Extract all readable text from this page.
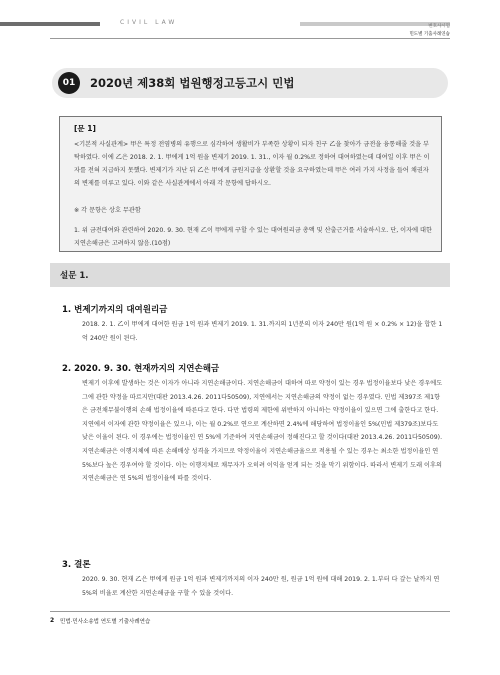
CIVIL LAW
변호사시험
민도별 기출사례연습
01	2020년 제38회 법원행정고등고시 민법
[문 1]
<기본적 사실관계> 甲은 특정 전염병의 유행으로 심각하여 생활비가 부족한 상황이 되자 친구 乙을 찾아가 금전을 융통해줄 것을 부탁하였다. 이에 乙은 2018. 2. 1. 甲에게 1억 원을 변제기 2019. 1. 31., 이자 월 0.2%로 정하여 대여하였는데 대여일 이후 甲은 이자를 전혀 지급하지 못했다. 변제기가 지난 뒤 乙은 甲에게 금원지급을 상환할 것을 요구하였는데 甲은 여러 가지 사정을 들어 채권자의 변제를 미루고 있다. 이와 같은 사실관계에서 아래 각 문항에 답하시오.
※ 각 문항은 상호 무관함
1. 위 금전대여와 관련하여 2020. 9. 30. 현재 乙이 甲에게 구할 수 있는 대여원리금 총액 및 산출근거를 서술하시오. 단, 이자에 대한 지연손해금은 고려하지 않음.(10점)
설문 1.
1. 변제기까지의 대여원리금
2018. 2. 1. 乙이 甲에게 대여한 원금 1억 원과 변제기 2019. 1. 31.까지의 1년분의 이자 240만 원(1억 원 × 0.2% × 12)을 합한 1억 240만 원이 된다.
2. 2020. 9. 30. 현재까지의 지연손해금
변제기 이후에 발생하는 것은 이자가 아니라 지연손해금이다. 지연손해금이 대하여 따로 약정이 있는 경우 법정이율보다 낮은 경우에도 그에 관한 약정을 따르지만(대판 2013.4.26. 2011다50509), 지연에서는 지연손해금의 약정이 없는 경우였다. 민법 제397조 제1항은 금전채무불이행의 손해 법정이율에 따른다고 한다. 다만 법령의 제한에 위반하지 아니하는 약정이율이 있으면 그에 출한다고 한다. 지연에서 이자에 관한 약정이율은 있으나, 이는 월 0.2%로 연으로 계산하면 2.4%에 해당하여 법정이율인 5%(민법 제379조)보다도 낮은 이율이 된다. 이 경우에는 법정이율인 연 5%에 기준하여 지연손해금이 정해진다고 할 것이다(대판 2013.4.26. 2011다50509). 지연손해금은 이행지체에 따른 손해배상 성격을 가지므로 약정이율이 지연손해금율으로 적용될 수 있는 경우는 최소한 법정이율인 연 5%보다 높은 경우여야 할 것이다. 이는 이행지체로 채무자가 오히려 이익을 얻게 되는 것을 막기 위함이다. 따라서 변제기 도래 이후의 지연손해금은 연 5%의 법정이율에 따를 것이다.
3. 결론
2020. 9. 30. 현재 乙은 甲에게 원금 1억 원과 변제기까지의 이자 240만 원, 원금 1억 원에 대해 2019. 2. 1.부터 다 갚는 날까지 연 5%의 비율로 계산한 지연손해금을 구할 수 있을 것이다.
2 민법·민사소송법 연도별 기출사례연습
